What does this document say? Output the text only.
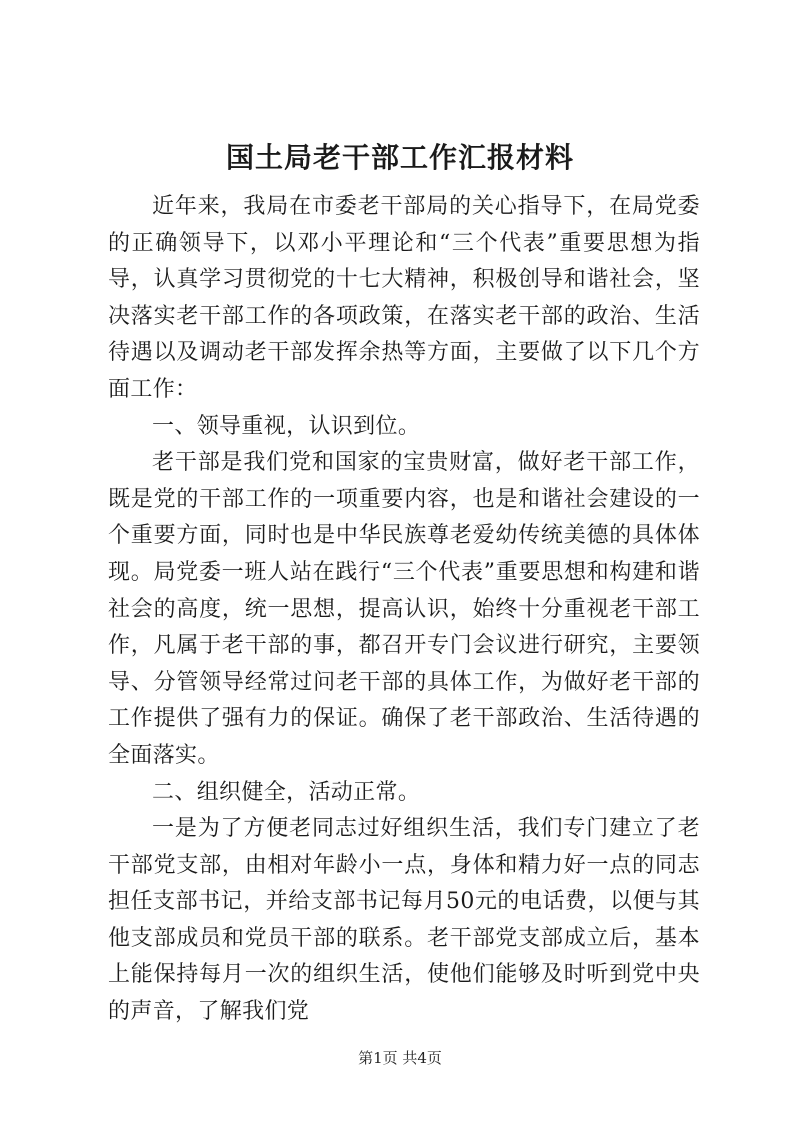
国土局老干部工作汇报材料

近年来，我局在市委老干部局的关心指导下，在局党委的正确领导下，以邓小平理论和“三个代表”重要思想为指导，认真学习贯彻党的十七大精神，积极创导和谐社会，坚决落实老干部工作的各项政策，在落实老干部的政治、生活待遇以及调动老干部发挥余热等方面，主要做了以下几个方面工作：

一、领导重视，认识到位。

老干部是我们党和国家的宝贵财富，做好老干部工作，既是党的干部工作的一项重要内容，也是和谐社会建设的一个重要方面，同时也是中华民族尊老爱幼传统美德的具体体现。局党委一班人站在践行“三个代表”重要思想和构建和谐社会的高度，统一思想，提高认识，始终十分重视老干部工作，凡属于老干部的事，都召开专门会议进行研究，主要领导、分管领导经常过问老干部的具体工作，为做好老干部的工作提供了强有力的保证。确保了老干部政治、生活待遇的全面落实。

二、组织健全，活动正常。

一是为了方便老同志过好组织生活，我们专门建立了老干部党支部，由相对年龄小一点，身体和精力好一点的同志担任支部书记，并给支部书记每月50元的电话费，以便与其他支部成员和党员干部的联系。老干部党支部成立后，基本上能保持每月一次的组织生活，使他们能够及时听到党中央的声音，了解我们党

第1页 共4页
